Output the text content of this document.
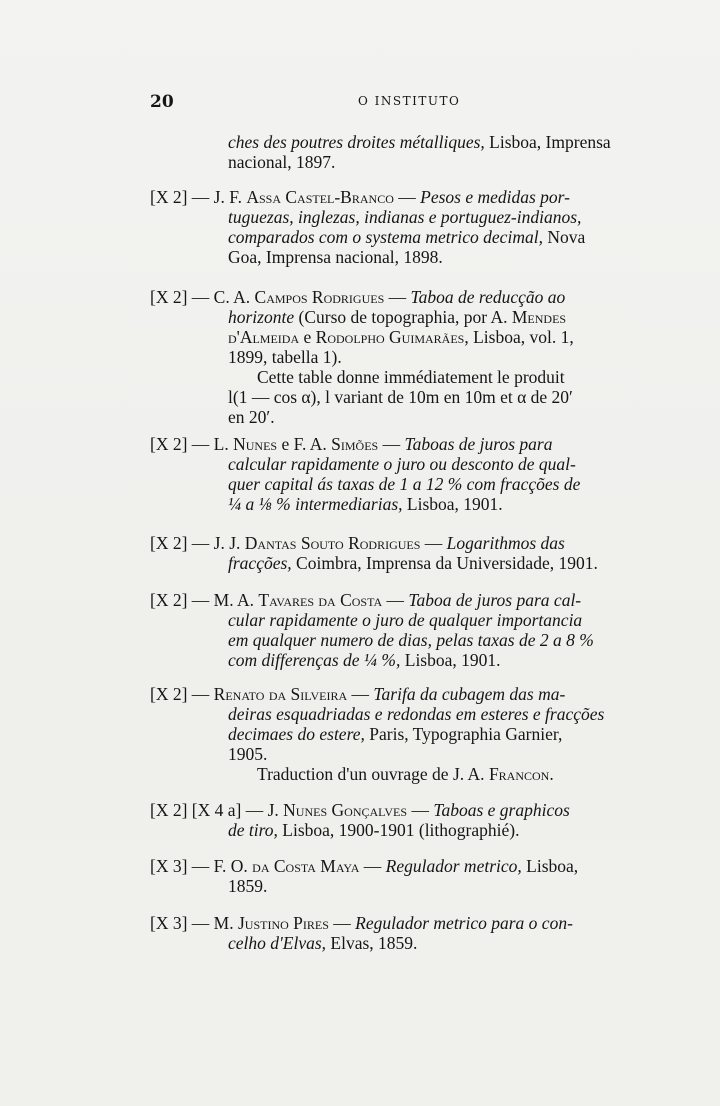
20	O INSTITUTO
ches des poutres droites métalliques, Lisboa, Imprensa
nacional, 1897.
[X 2] — J. F. Assa Castel-Branco — Pesos e medidas por-
tuguezas, inglezas, indianas e portuguez-indianos,
comparados com o systema metrico decimal, Nova
Goa, Imprensa nacional, 1898.
[X 2] — C. A. Campos Rodrigues — Taboa de reducção ao
horizonte (Curso de topographia, por A. Mendes
d'Almeida e Rodolpho Guimarães, Lisboa, vol. 1,
1899, tabella 1).
Cette table donne immédiatement le produit
l(1 — cos α), l variant de 10m en 10m et α de 20′
en 20′.
[X 2] — L. Nunes e F. A. Simões — Taboas de juros para
calcular rapidamente o juro ou desconto de qual-
quer capital ás taxas de 1 a 12 % com fracções de
¼ a ⅛ % intermediarias, Lisboa, 1901.
[X 2] — J. J. Dantas Souto Rodrigues — Logarithmos das
fracções, Coimbra, Imprensa da Universidade, 1901.
[X 2] — M. A. Tavares da Costa — Taboa de juros para cal-
cular rapidamente o juro de qualquer importancia
em qualquer numero de dias, pelas taxas de 2 a 8 %
com differenças de ¼ %, Lisboa, 1901.
[X 2] — Renato da Silveira — Tarifa da cubagem das ma-
deiras esquadriadas e redondas em esteres e fracções
decimaes do estere, Paris, Typographia Garnier,
1905.
Traduction d'un ouvrage de J. A. Francon.
[X 2] [X 4 a] — J. Nunes Gonçalves — Taboas e graphicos
de tiro, Lisboa, 1900-1901 (lithographié).
[X 3] — F. O. da Costa Maya — Regulador metrico, Lisboa,
1859.
[X 3] — M. Justino Pires — Regulador metrico para o con-
celho d'Elvas, Elvas, 1859.
